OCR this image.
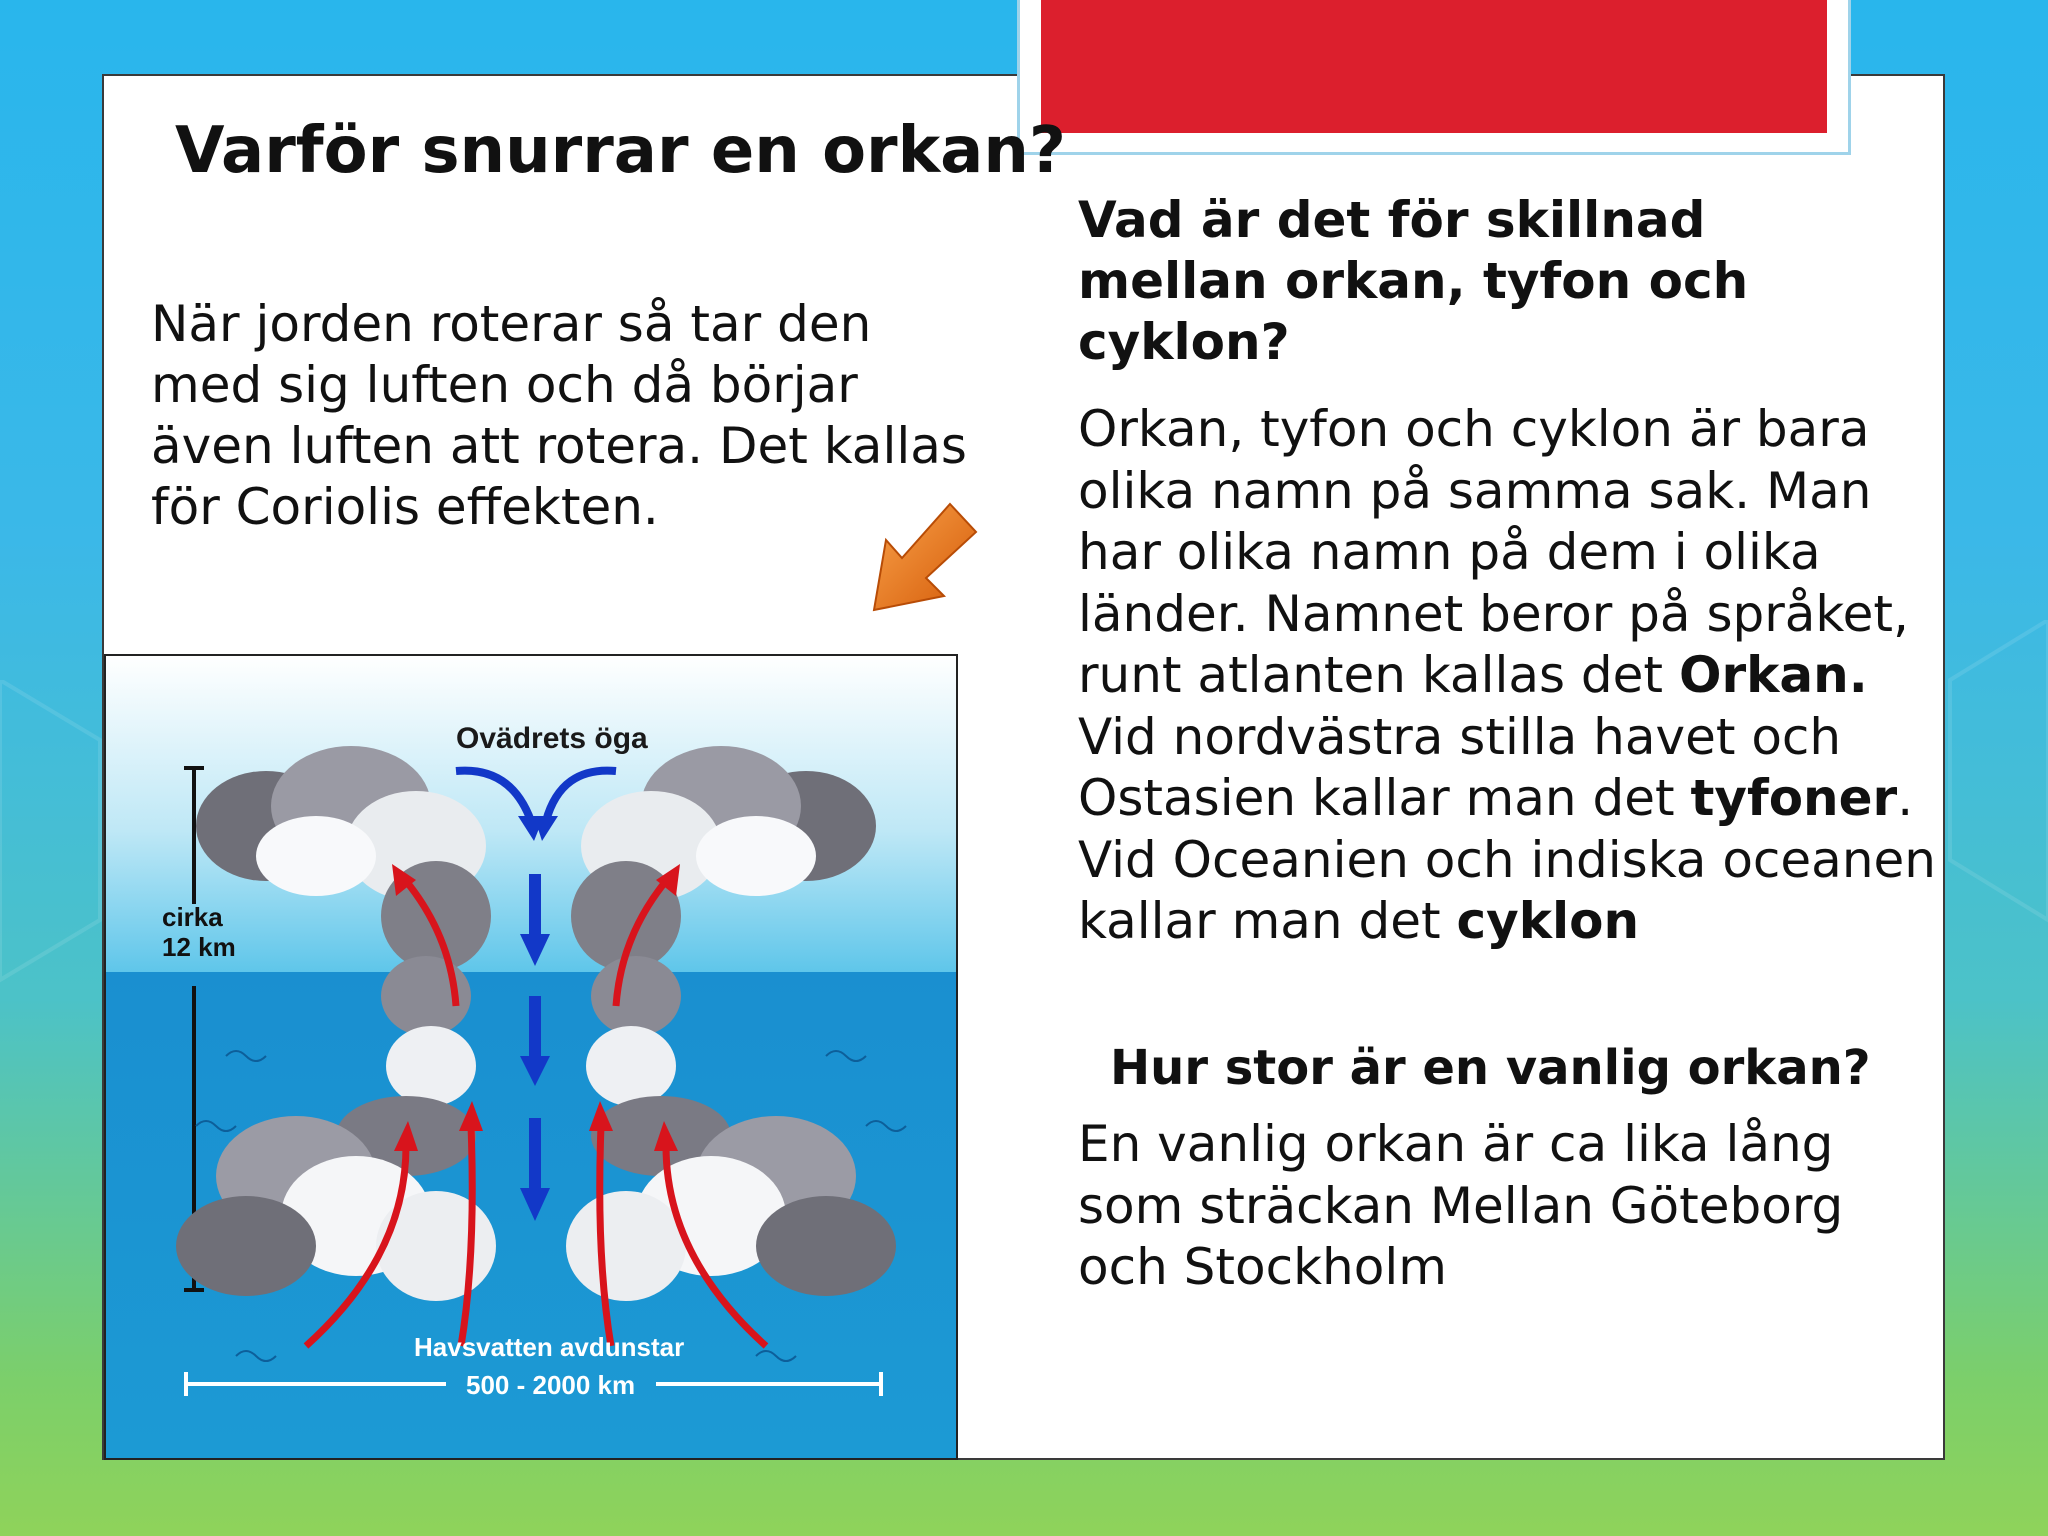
Varför snurrar en orkan?

När jorden roterar så tar den med sig luften och då börjar även luften att rotera. Det kallas för Coriolis effekten.

cirka
12 km
Ovädrets öga
Havsvatten avdunstar
500 - 2000 km
Vad är det för skillnad mellan orkan, tyfon och cyklon?
Orkan, tyfon och cyklon är bara olika namn på samma sak. Man har olika namn på dem i olika länder. Namnet beror på språket, runt atlanten kallas det Orkan. Vid nordvästra stilla havet och Ostasien kallar man det tyfoner. Vid Oceanien och indiska oceanen kallar man det cyklon
Hur stor är en vanlig orkan?
En vanlig orkan är ca lika lång som sträckan Mellan Göteborg och Stockholm
